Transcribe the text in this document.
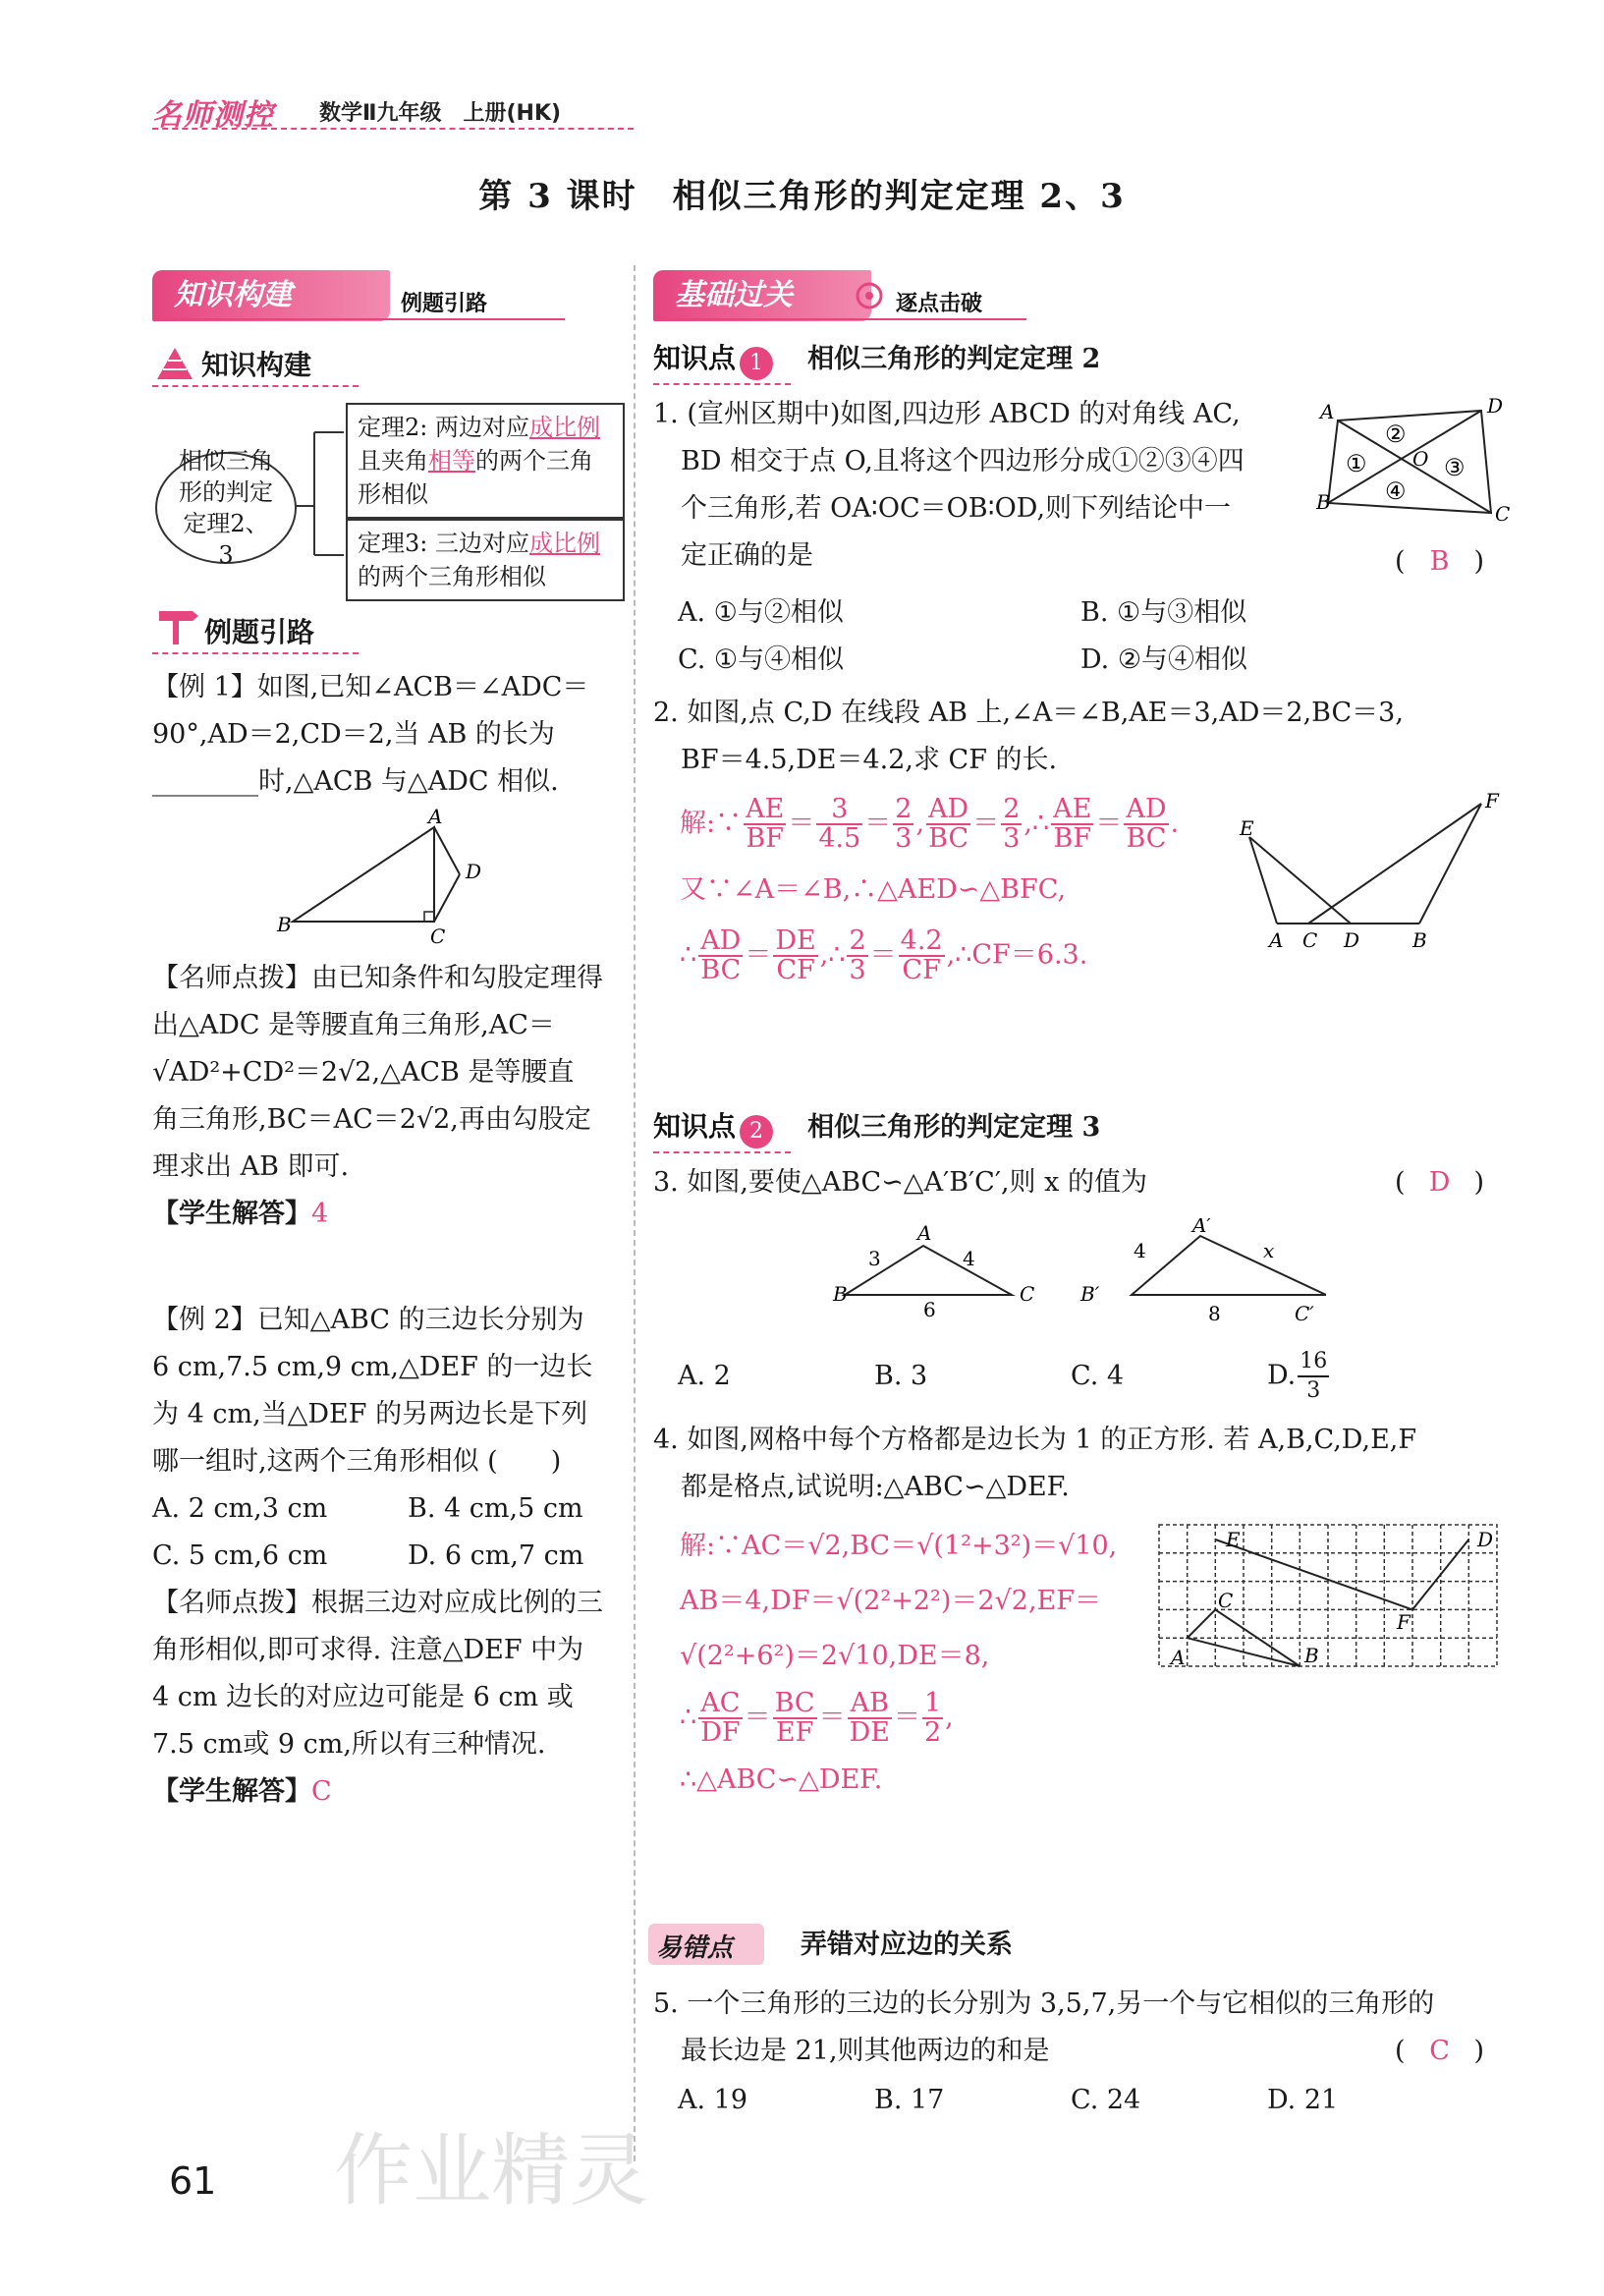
名师测控 数学Ⅱ九年级　上册(HK)
第 3 课时　相似三角形的判定定理 2、3
知识构建	例题引路
知识构建
相似三角形的判定定理2、3
定理2: 两边对应成比例
且夹角相等的两个三角形相似
定理3: 三边对应成比例
的两个三角形相似
例题引路
【例 1】如图,已知∠ACB＝∠ADC＝
90°,AD＝2,CD＝2,当 AB 的长为
________时,△ACB 与△ADC 相似.
A
B	C
D
【名师点拨】由已知条件和勾股定理得
出△ADC 是等腰直角三角形,AC＝
√AD²+CD²＝2√2,△ACB 是等腰直
角三角形,BC＝AC＝2√2,再由勾股定
理求出 AB 即可.
【学生解答】4
【例 2】已知△ABC 的三边长分别为
6 cm,7.5 cm,9 cm,△DEF 的一边长
为 4 cm,当△DEF 的另两边长是下列
哪一组时,这两个三角形相似 (　　)
A. 2 cm,3 cm	B. 4 cm,5 cm
C. 5 cm,6 cm	D. 6 cm,7 cm
【名师点拨】根据三边对应成比例的三
角形相似,即可求得. 注意△DEF 中为
4 cm 边长的对应边可能是 6 cm 或
7.5 cm或 9 cm,所以有三种情况.
【学生解答】C
基础过关	逐点击破
知识点 1 相似三角形的判定定理 2
1. (宣州区期中)如图,四边形 ABCD 的对角线 AC,
BD 相交于点 O,且将这个四边形分成①②③④四
个三角形,若 OA∶OC＝OB∶OD,则下列结论中一
定正确的是	( B )
A
B
D
C
O
①
②
③
④
A. ①与②相似	B. ①与③相似
C. ①与④相似	D. ②与④相似
2. 如图,点 C,D 在线段 AB 上,∠A＝∠B,AE＝3,AD＝2,BC＝3,
BF＝4.5,DE＝4.2,求 CF 的长.
解:∵ $\frac{AE}{BF} = \frac{3}{4.5} = \frac{2}{3}$ , $\frac{AD}{BC} = \frac{2}{3}$ ,∴ $\frac{AE}{BF} = \frac{AD}{BC}$ .
又∵∠A＝∠B,∴△AED∽△BFC,
∴ $\frac{AD}{BC} = \frac{DE}{CF}$ ,∴ $\frac{2}{3} = \frac{4.2}{CF}$ ,∴CF＝6.3.
E
F
A C D	B
知识点 2 相似三角形的判定定理 3
3. 如图,要使△ABC∽△A′B′C′,则 x 的值为	( D )
B
A
C
3	4
6
B′
A′
C′
4	x
8
A. 2	B. 3	C. 4	D. $\frac{16}{3}$
4. 如图,网格中每个方格都是边长为 1 的正方形. 若 A,B,C,D,E,F
都是格点,试说明:△ABC∽△DEF.
解:∵AC＝√2,BC＝√(1²+3²)＝√10,
AB＝4,DF＝√(2²+2²)＝2√2,EF＝
√(2²+6²)＝2√10,DE＝8,
∴ $\frac{AC}{DF} = \frac{BC}{EF} = \frac{AB}{DE} = \frac{1}{2}$ ,
∴△ABC∽△DEF.
A	B
C
E	D
F
易错点	弄错对应边的关系
5. 一个三角形的三边的长分别为 3,5,7,另一个与它相似的三角形的
最长边是 21,则其他两边的和是	( C )
A. 19	B. 17	C. 24	D. 21
61 作业精灵
